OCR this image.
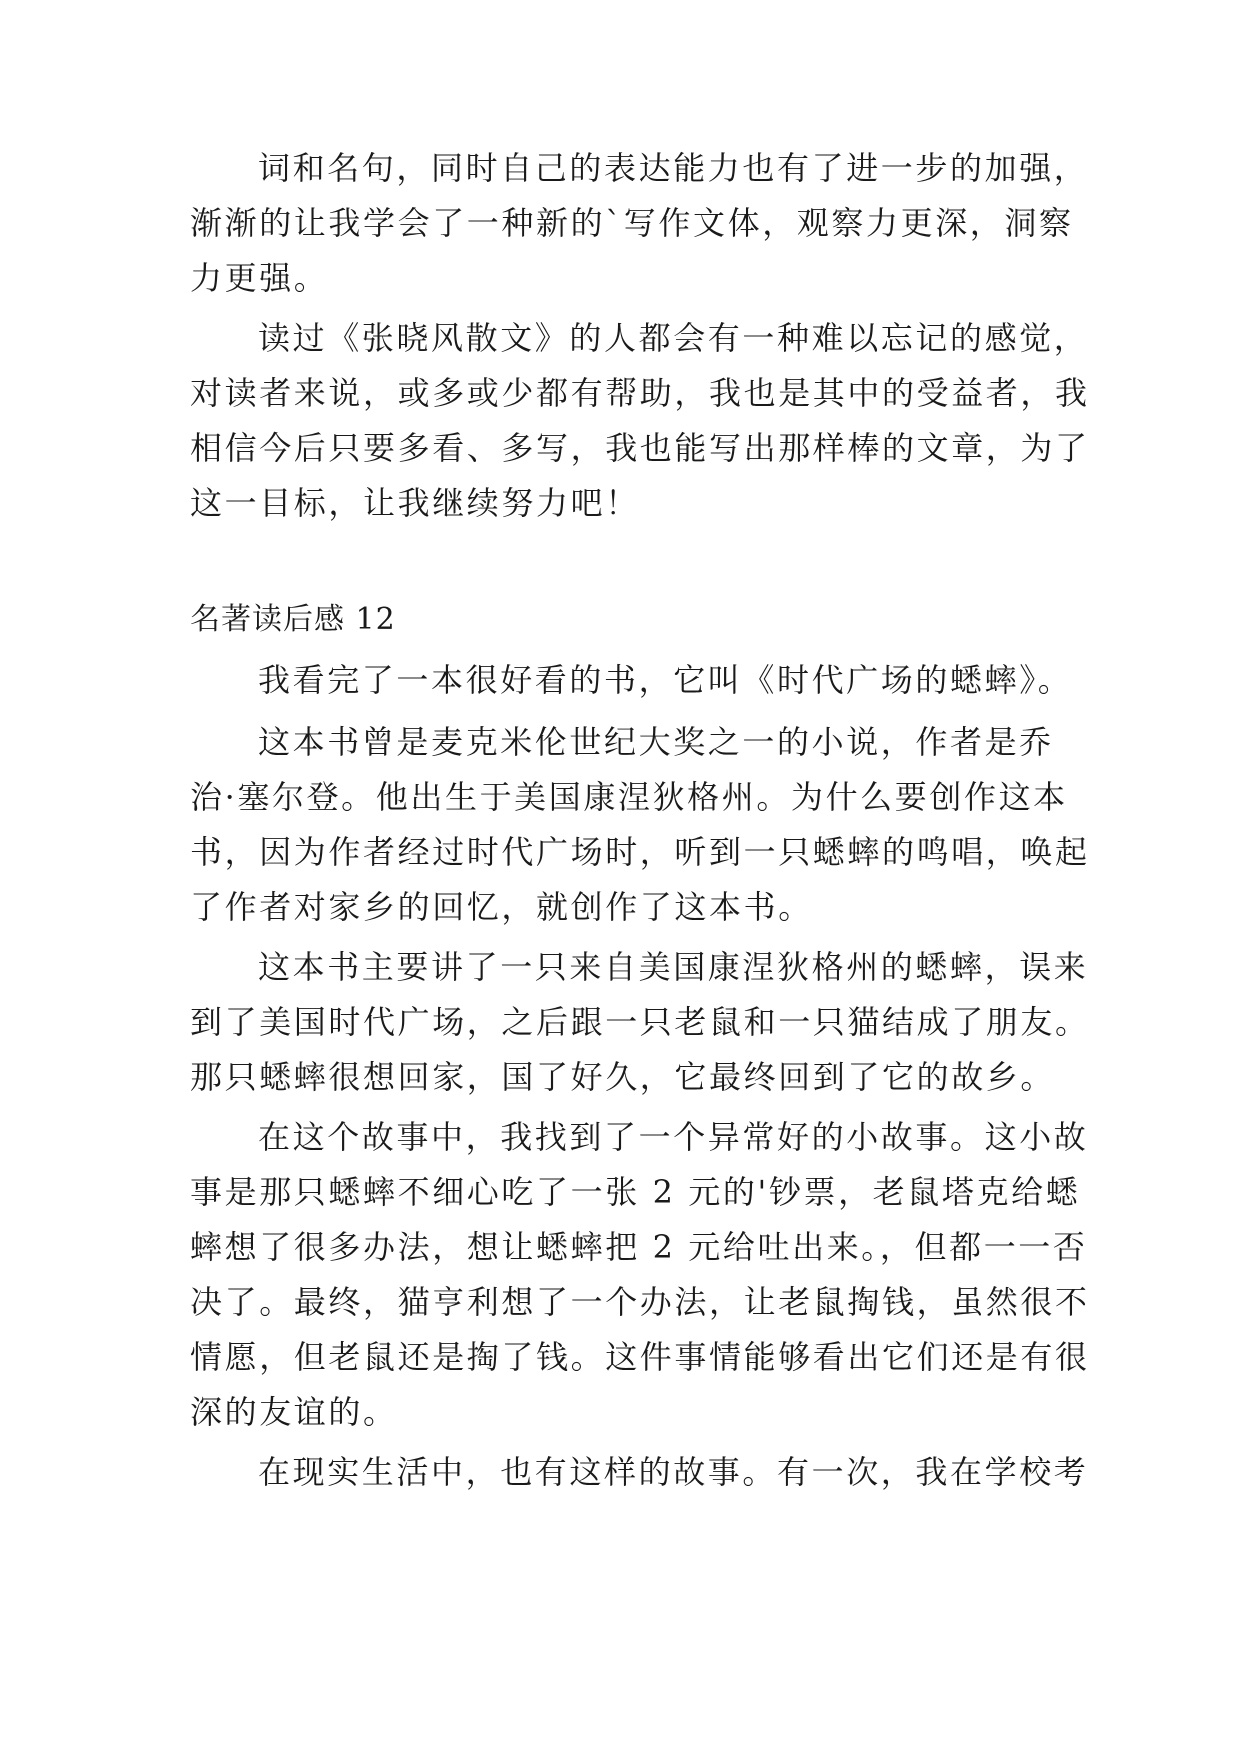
词和名句，同时自己的表达能力也有了进一步的加强，
渐渐的让我学会了一种新的`写作文体，观察力更深，洞察
力更强。
读过《张晓风散文》的人都会有一种难以忘记的感觉，
对读者来说，或多或少都有帮助，我也是其中的受益者，我
相信今后只要多看、多写，我也能写出那样棒的文章，为了
这一目标，让我继续努力吧！
名著读后感 12
我看完了一本很好看的书，它叫《时代广场的蟋蟀》。
这本书曾是麦克米伦世纪大奖之一的小说，作者是乔
治·塞尔登。他出生于美国康涅狄格州。为什么要创作这本
书，因为作者经过时代广场时，听到一只蟋蟀的鸣唱，唤起
了作者对家乡的回忆，就创作了这本书。
这本书主要讲了一只来自美国康涅狄格州的蟋蟀，误来
到了美国时代广场，之后跟一只老鼠和一只猫结成了朋友。
那只蟋蟀很想回家，国了好久，它最终回到了它的故乡。
在这个故事中，我找到了一个异常好的小故事。这小故
事是那只蟋蟀不细心吃了一张 2 元的'钞票，老鼠塔克给蟋
蟀想了很多办法，想让蟋蟀把 2 元给吐出来。，但都一一否
决了。最终，猫亨利想了一个办法，让老鼠掏钱，虽然很不
情愿，但老鼠还是掏了钱。这件事情能够看出它们还是有很
深的友谊的。
在现实生活中，也有这样的故事。有一次，我在学校考
